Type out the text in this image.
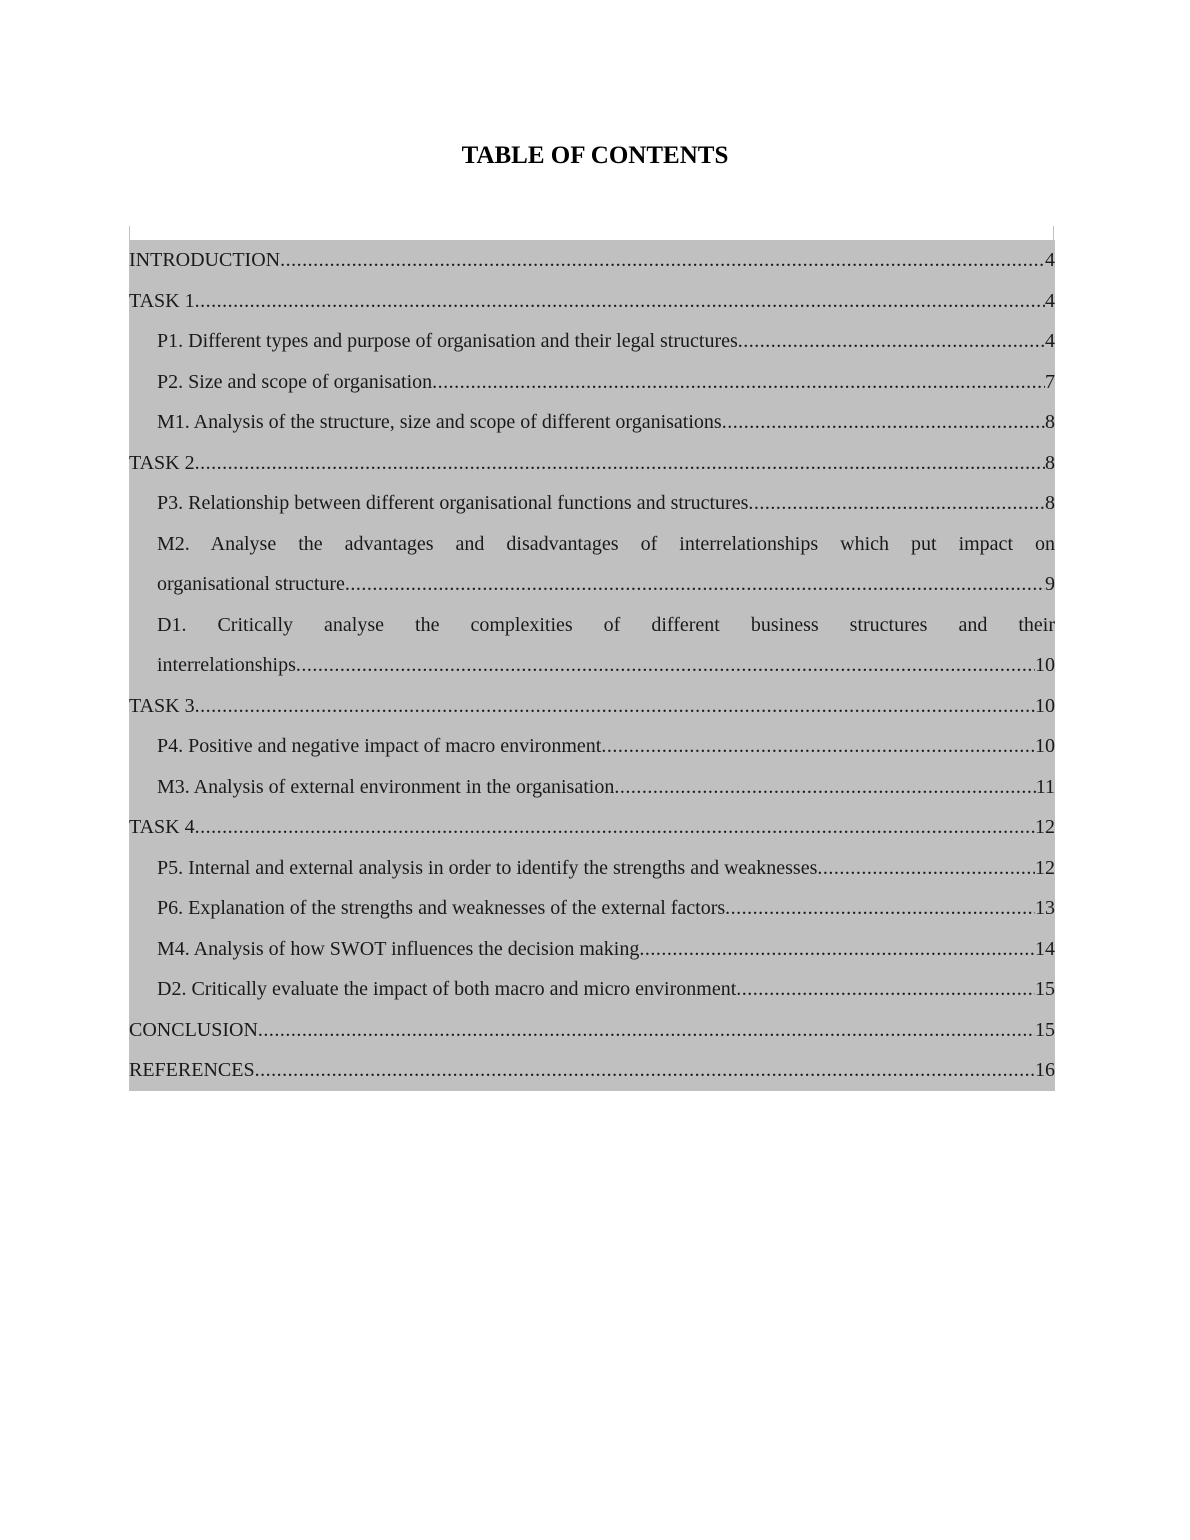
TABLE OF CONTENTS
INTRODUCTION .....	4
TASK 1 .....	4
P1. Different types and purpose of organisation and their legal structures .....	4
P2. Size and scope of organisation .....	7
M1. Analysis of the structure, size and scope of different organisations .....	8
TASK 2 .....	8
P3. Relationship between different organisational functions and structures .....	8
M2. Analyse the advantages and disadvantages of interrelationships which put impact on
organisational structure .....	9
D1. Critically analyse the complexities of different business structures and their
interrelationships .....	10
TASK 3 .....	10
P4. Positive and negative impact of macro environment .....	10
M3. Analysis of external environment in the organisation .....	11
TASK 4 .....	12
P5. Internal and external analysis in order to identify the strengths and weaknesses .....	12
P6. Explanation of the strengths and weaknesses of the external factors .....	13
M4. Analysis of how SWOT influences the decision making .....	14
D2. Critically evaluate the impact of both macro and micro environment .....	15
CONCLUSION .....	15
REFERENCES .....	16
